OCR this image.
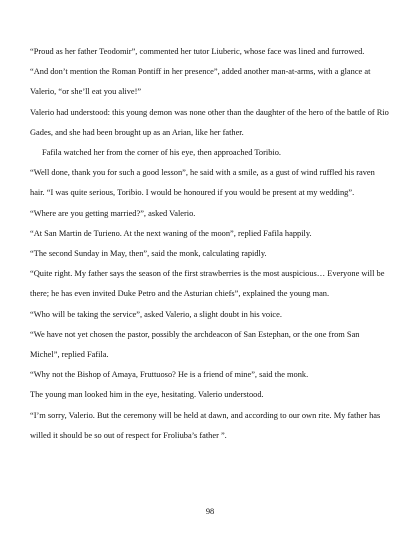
“Proud as her father Teodomir”, commented her tutor Liuberic, whose face was lined and furrowed.

“And don’t mention the Roman Pontiff in her presence”, added another man-at-arms, with a glance at Valerio, “or she’ll eat you alive!”

Valerio had understood: this young demon was none other than the daughter of the hero of the battle of Rio Gades, and she had been brought up as an Arian, like her father.

Fafila watched her from the corner of his eye, then approached Toribio.

“Well done, thank you for such a good lesson”, he said with a smile, as a gust of wind ruffled his raven hair. “I was quite serious, Toribio. I would be honoured if you would be present at my wedding”.

“Where are you getting married?”, asked Valerio.

“At San Martin de Turieno. At the next waning of the moon”, replied Fafila happily.

“The second Sunday in May, then”, said the monk, calculating rapidly.

“Quite right. My father says the season of the first strawberries is the most auspicious… Everyone will be there; he has even invited Duke Petro and the Asturian chiefs”, explained the young man.

“Who will be taking the service”, asked Valerio, a slight doubt in his voice.

“We have not yet chosen the pastor, possibly the archdeacon of San Estephan, or the one from San Michel”, replied Fafila.

“Why not the Bishop of Amaya, Fruttuoso? He is a friend of mine”, said the monk.

The young man looked him in the eye, hesitating. Valerio understood.

“I’m sorry, Valerio. But the ceremony will be held at dawn, and according to our own rite. My father has willed it should be so out of respect for Froliuba’s father ”.

98
